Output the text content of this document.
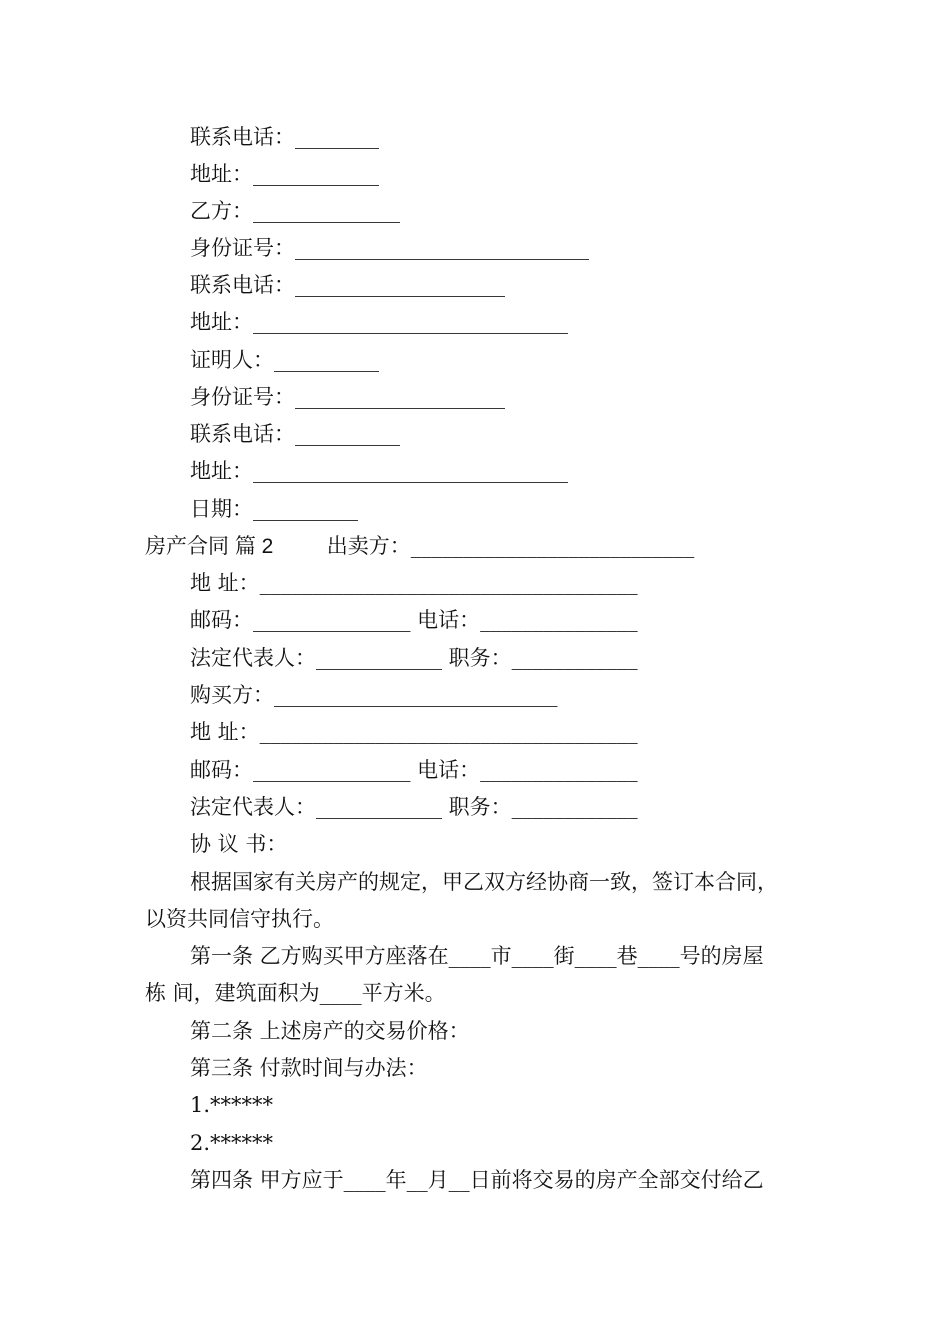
联系电话：________
地址：____________
乙方：______________
身份证号：____________________________
联系电话：____________________
地址：______________________________
证明人：__________
身份证号：____________________
联系电话：__________
地址：______________________________
日期：__________
房产合同 篇 2	出卖方：___________________________
地 址：____________________________________
邮码：_______________ 电话：_______________
法定代表人：____________ 职务：____________
购买方：___________________________
地 址：____________________________________
邮码：_______________ 电话：_______________
法定代表人：____________ 职务：____________
协 议 书：
根据国家有关房产的规定，甲乙双方经协商一致，签订本合同，
以资共同信守执行。
第一条 乙方购买甲方座落在____市____街____巷____号的房屋
栋 间，建筑面积为____平方米。
第二条 上述房产的交易价格：
第三条 付款时间与办法：
1.******
2.******
第四条 甲方应于____年__月__日前将交易的房产全部交付给乙
